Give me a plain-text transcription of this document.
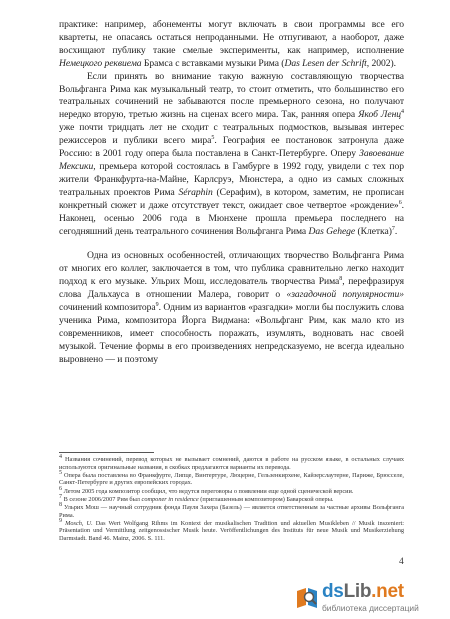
практике: например, абонементы могут включать в свои программы все его квартеты, не опасаясь остаться непроданными. Не отпугивают, а наоборот, даже восхищают публику такие смелые эксперименты, как например, исполнение Немецкого реквиема Брамса с вставками музыки Рима (Das Lesen der Schrift, 2002).

Если принять во внимание такую важную составляющую творчества Вольфганга Рима как музыкальный театр, то стоит отметить, что большинство его театральных сочинений не забываются после премьерного сезона, но получают нередко вторую, третью жизнь на сценах всего мира. Так, ранняя опера Якоб Ленц$^4$ уже почти тридцать лет не сходит с театральных подмостков, вызывая интерес режиссеров и публики всего мира$^5$. География ее постановок затронула даже Россию: в 2001 году опера была поставлена в Санкт-Петербурге. Оперу Завоевание Мексики, премьера которой состоялась в Гамбурге в 1992 году, увидели с тех пор жители Франкфурта-на-Майне, Карлсруэ, Мюнстера, а одно из самых сложных театральных проектов Рима Séraphin (Серафим), в котором, заметим, не прописан конкретный сюжет и даже отсутствует текст, ожидает свое четвертое «рождение»$^6$. Наконец, осенью 2006 года в Мюнхене прошла премьера последнего на сегодняшний день театрального сочинения Вольфганга Рима Das Gehege (Клетка)$^7$.

Одна из основных особенностей, отличающих творчество Вольфганга Рима от многих его коллег, заключается в том, что публика сравнительно легко находит подход к его музыке. Ульрих Мош, исследователь творчества Рима$^8$, перефразируя слова Дальхауса в отношении Малера, говорит о «загадочной популярности» сочинений композитора$^9$. Одним из вариантов «разгадки» могли бы послужить слова ученика Рима, композитора Йорга Видмана: «Вольфганг Рим, как мало кто из современников, имеет способность поражать, изумлять, водновать нас своей музыкой. Течение формы в его произведениях непредсказуемо, не всегда идеально выровнено — и поэтому

4 Названия сочинений, перевод которых не вызывает сомнений, даются в работе на русском языке, в остальных случаях используются оригинальные названия, в скобках предлагаются варианты их перевода.

5 Опера была поставлена во Франкфурте, Липце, Винтертуре, Люцерне, Гельзенкирхене, Кайзерслаутерне, Париже, Брюсселе, Санкт-Петербурге и других европейских городах.

6 Летом 2005 года композитор сообщил, что ведутся переговоры о появлении еще одной сценической версии.

7 В сезоне 2006/2007 Рим был componer in residence (приглашенным композитором) Баварской оперы.

8 Ульрих Мош — научный сотрудник фонда Пауля Захера (Базель) — является ответственным за частные архивы Вольфганга Рима.

9 Mosch, U. Das Wert Wolfgang Rihms im Kontext der musikalischen Tradition und aktuellen Musikleben // Musik inszeniert: Präsentation und Vermittlung zeitgenossischer Musik heute. Veröffentlichungen des Instituts für neue Musik und Musikerziehung Darmstadt. Band 46. Mainz, 2006. S. 111.

4
dsLib.net
библиотека диссертаций
